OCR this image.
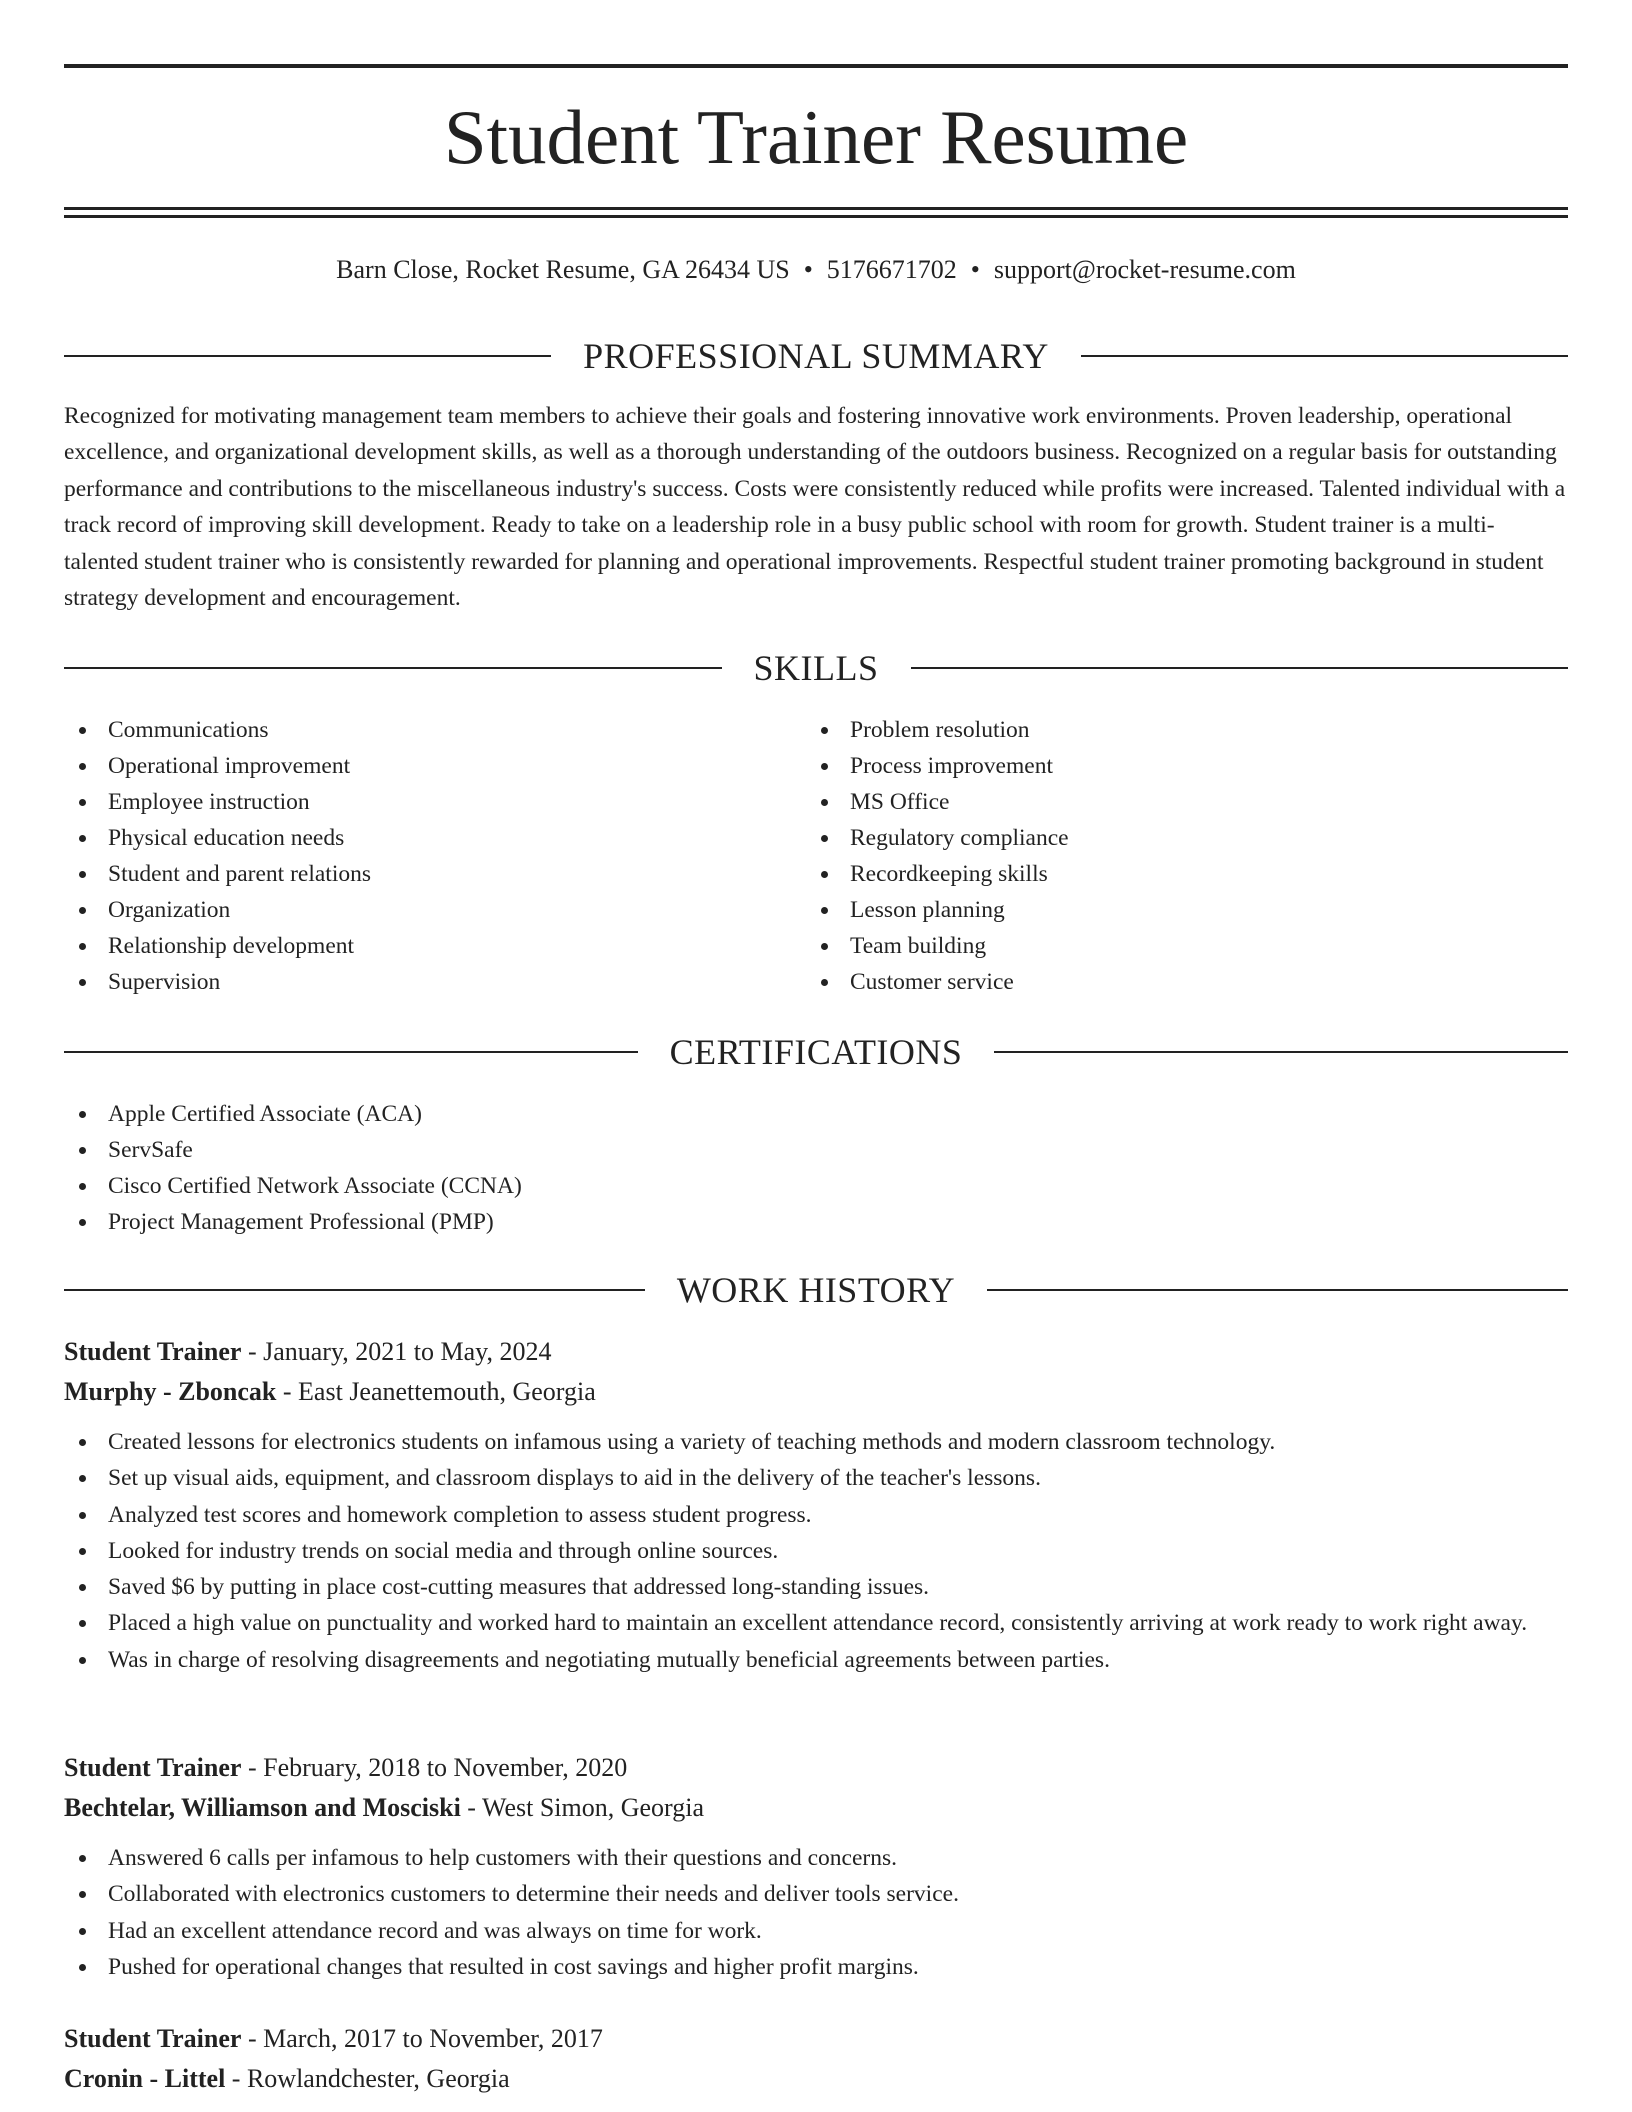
Student Trainer Resume
Barn Close, Rocket Resume, GA 26434 US • 5176671702 • support@rocket-resume.com
PROFESSIONAL SUMMARY
Recognized for motivating management team members to achieve their goals and fostering innovative work environments. Proven leadership, operational excellence, and organizational development skills, as well as a thorough understanding of the outdoors business. Recognized on a regular basis for outstanding performance and contributions to the miscellaneous industry's success. Costs were consistently reduced while profits were increased. Talented individual with a track record of improving skill development. Ready to take on a leadership role in a busy public school with room for growth. Student trainer is a multi-talented student trainer who is consistently rewarded for planning and operational improvements. Respectful student trainer promoting background in student strategy development and encouragement.
SKILLS
Communications
Operational improvement
Employee instruction
Physical education needs
Student and parent relations
Organization
Relationship development
Supervision
Problem resolution
Process improvement
MS Office
Regulatory compliance
Recordkeeping skills
Lesson planning
Team building
Customer service
CERTIFICATIONS
Apple Certified Associate (ACA)
ServSafe
Cisco Certified Network Associate (CCNA)
Project Management Professional (PMP)
WORK HISTORY
Student Trainer - January, 2021 to May, 2024
Murphy - Zboncak - East Jeanettemouth, Georgia
Created lessons for electronics students on infamous using a variety of teaching methods and modern classroom technology.
Set up visual aids, equipment, and classroom displays to aid in the delivery of the teacher's lessons.
Analyzed test scores and homework completion to assess student progress.
Looked for industry trends on social media and through online sources.
Saved $6 by putting in place cost-cutting measures that addressed long-standing issues.
Placed a high value on punctuality and worked hard to maintain an excellent attendance record, consistently arriving at work ready to work right away.
Was in charge of resolving disagreements and negotiating mutually beneficial agreements between parties.
Student Trainer - February, 2018 to November, 2020
Bechtelar, Williamson and Mosciski - West Simon, Georgia
Answered 6 calls per infamous to help customers with their questions and concerns.
Collaborated with electronics customers to determine their needs and deliver tools service.
Had an excellent attendance record and was always on time for work.
Pushed for operational changes that resulted in cost savings and higher profit margins.
Student Trainer - March, 2017 to November, 2017
Cronin - Littel - Rowlandchester, Georgia
